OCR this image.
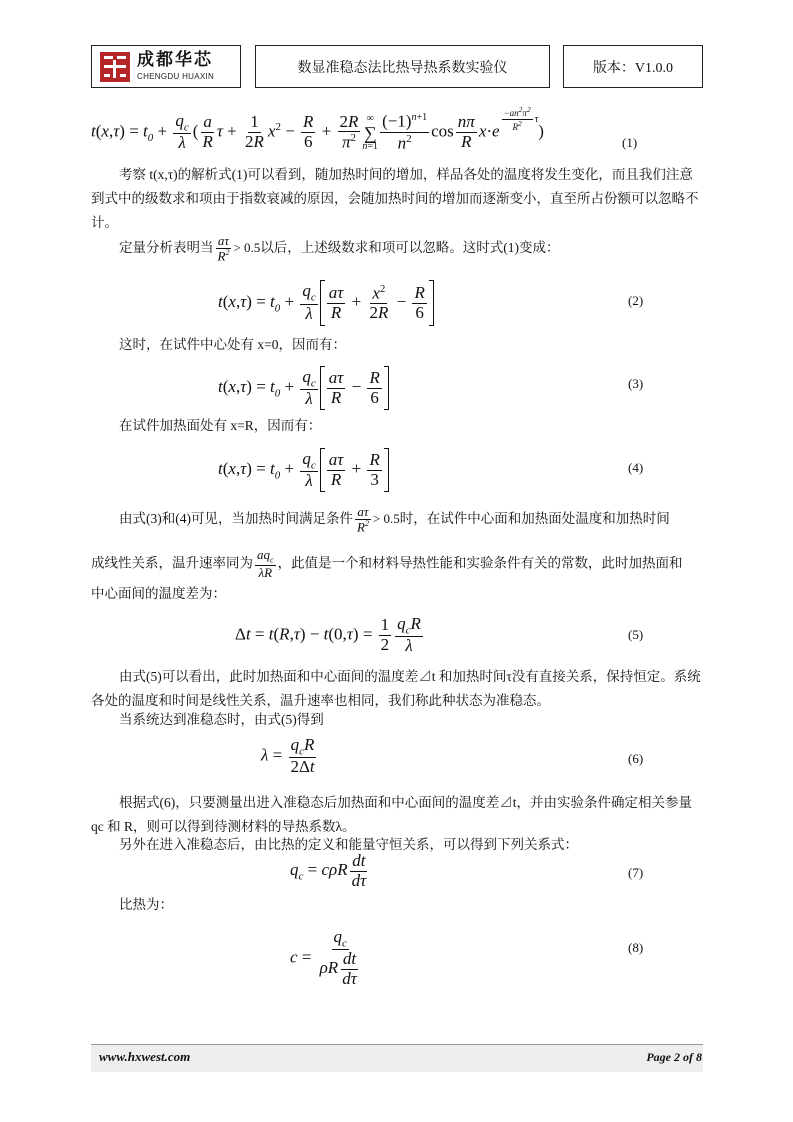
成都华芯
CHENGDU HUAXIN
数显准稳态法比热导热系数实验仪	版本：V1.0.0
$t(x,\tau) = t_0 + \frac{q_c}{\lambda}$ ( $\frac{a}{R}$ $\tau + \frac{1}{2R} x^2 - \frac{R}{6} + \frac{2R}{\pi^2}$ ∞
∑
$n=1 \frac{(-1)^{n+1}}{n^2}$ $\cos \frac{n\pi}{R} x\cdot e$ $^{\frac{-an^2\pi^2}{R^2} \tau}$)
(1)
考察 t(x,τ)的解析式(1)可以看到，随加热时间的增加，样品各处的温度将发生变化，而且我们注意到式中的级数求和项由于指数衰减的原因，会随加热时间的增加而逐渐变小，直至所占份额可以忽略不计。
定量分析表明当 $\frac{a\tau}{R^2} > 0.5$以后，上述级数求和项可以忽略。这时式(1)变成：
$t(x,\tau) = t_0 + \frac{q_c}{\lambda} \frac{a\tau}{R} + \frac{x^2}{2R} - \frac{R}{6}$	(2)
这时，在试件中心处有 x=0，因而有：
$t(x,\tau) = t_0 + \frac{q_c}{\lambda} \frac{a\tau}{R} - \frac{R}{6}$	(3)
在试件加热面处有 x=R，因而有：
$t(x,\tau) = t_0 + \frac{q_c}{\lambda} \frac{a\tau}{R} + \frac{R}{3}$	(4)
由式(3)和(4)可见，当加热时间满足条件 $\frac{a\tau}{R^2} > 0.5$时，在试件中心面和加热面处温度和加热时间
成线性关系，温升速率同为 $\frac{aq_c}{\lambda R}$ ，此值是一个和材料导热性能和实验条件有关的常数，此时加热面和
中心面间的温度差为：
$\Delta t = t(R,\tau) - t(0,\tau) = \frac{1}{2} \frac{q_cR}{\lambda}$	(5)
由式(5)可以看出，此时加热面和中心面间的温度差⊿t 和加热时间τ没有直接关系，保持恒定。系统各处的温度和时间是线性关系，温升速率也相同，我们称此种状态为准稳态。
当系统达到准稳态时，由式(5)得到
$\lambda = \frac{q_cR}{2\Delta t}$	(6)
根据式(6)，只要测量出进入准稳态后加热面和中心面间的温度差⊿t，并由实验条件确定相关参量 qc 和 R，则可以得到待测材料的导热系数λ。
另外在进入准稳态后，由比热的定义和能量守恒关系，可以得到下列关系式：
$q_c = c\rho R \frac{dt}{d\tau}$	(7)
比热为：
$c = \frac{q_c}{\rho R \frac{dt}{d\tau}}$	(8)
www.hxwest.com	Page 2 of 8
